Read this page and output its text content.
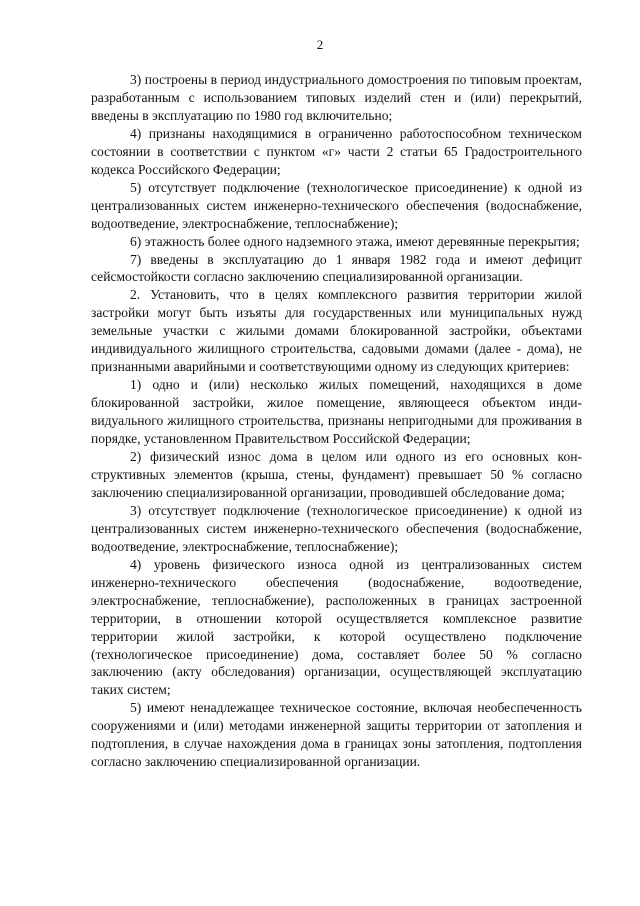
2

3) построены в период индустриального домостроения по типовым проектам, разработанным с использованием типовых изделий стен и (или) перекрытий, введены в эксплуатацию по 1980 год включительно;

4) признаны находящимися в ограниченно работоспособном техническом состоянии в соответствии с пунктом «г» части 2 статьи 65 Градостроительного кодекса Российского Федерации;

5) отсутствует подключение (технологическое присоединение) к одной из централизованных систем инженерно-технического обеспечения (водоснабжение, водоотведение, электроснабжение, теплоснабжение);

6) этажность более одного надземного этажа, имеют деревянные перекрытия;

7) введены в эксплуатацию до 1 января 1982 года и имеют дефицит сейсмостойкости согласно заключению специализированной организации.

2. Установить, что в целях комплексного развития территории жилой застройки могут быть изъяты для государственных или муниципальных нужд земельные участки с жилыми домами блокированной застройки, объектами индивидуального жилищного строительства, садовыми домами (далее - дома), не признанными аварийными и соответствующими одному из следующих критериев:

1) одно и (или) несколько жилых помещений, находящихся в доме блокированной застройки, жилое помещение, являющееся объектом индивидуального жилищного строительства, признаны непригодными для проживания в порядке, установленном Правительством Российской Федерации;

2) физический износ дома в целом или одного из его основных конструктивных элементов (крыша, стены, фундамент) превышает 50 % согласно заключению специализированной организации, проводившей обследование дома;

3) отсутствует подключение (технологическое присоединение) к одной из централизованных систем инженерно-технического обеспечения (водоснабжение, водоотведение, электроснабжение, теплоснабжение);

4) уровень физического износа одной из централизованных систем инженерно-технического обеспечения (водоснабжение, водоотведение, электроснабжение, теплоснабжение), расположенных в границах застроенной территории, в отношении которой осуществляется комплексное развитие территории жилой застройки, к которой осуществлено подключение (технологическое присоединение) дома, составляет более 50 % согласно заключению (акту обследования) организации, осуществляющей эксплуатацию таких систем;

5) имеют ненадлежащее техническое состояние, включая необеспеченность сооружениями и (или) методами инженерной защиты территории от затопления и подтопления, в случае нахождения дома в границах зоны затопления, подтопления согласно заключению специализированной организации.
